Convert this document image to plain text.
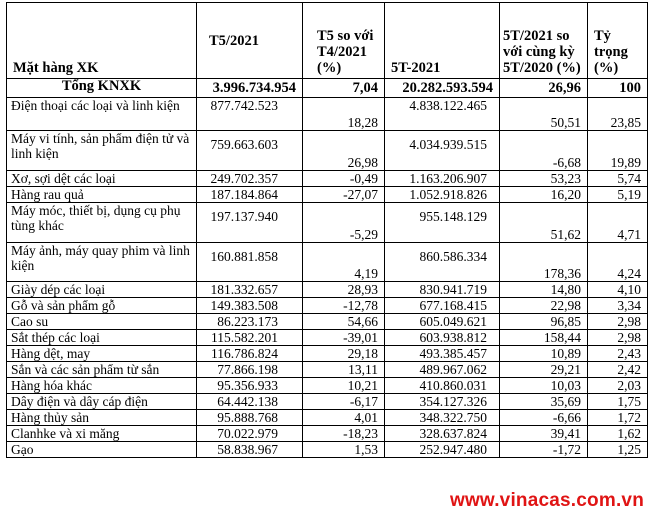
Mặt hàng XK	T5/2021	T5 so với T4/2021 (%)	5T-2021	5T/2021 so với cùng kỳ 5T/2020 (%)	Tỷ trọng (%)
Tổng KNXK	3.996.734.954	7,04	20.282.593.594	26,96	100
Điện thoại các loại và linh kiện	877.742.523	18,28	4.838.122.465	50,51	23,85
Máy vi tính, sản phẩm điện tử và linh kiện	759.663.603	26,98	4.034.939.515	-6,68	19,89
Xơ, sợi dệt các loại	249.702.357	-0,49	1.163.206.907	53,23	5,74
Hàng rau quả	187.184.864	-27,07	1.052.918.826	16,20	5,19
Máy móc, thiết bị, dụng cụ phụ tùng khác	197.137.940	-5,29	955.148.129	51,62	4,71
Máy ảnh, máy quay phim và linh kiện	160.881.858	4,19	860.586.334	178,36	4,24
Giày dép các loại	181.332.657	28,93	830.941.719	14,80	4,10
Gỗ và sản phẩm gỗ	149.383.508	-12,78	677.168.415	22,98	3,34
Cao su	86.223.173	54,66	605.049.621	96,85	2,98
Sắt thép các loại	115.582.201	-39,01	603.938.812	158,44	2,98
Hàng dệt, may	116.786.824	29,18	493.385.457	10,89	2,43
Sắn và các sản phẩm từ sắn	77.866.198	13,11	489.967.062	29,21	2,42
Hàng hóa khác	95.356.933	10,21	410.860.031	10,03	2,03
Dây điện và dây cáp điện	64.442.138	-6,17	354.127.326	35,69	1,75
Hàng thủy sản	95.888.768	4,01	348.322.750	-6,66	1,72
Clanhke và xi măng	70.022.979	-18,23	328.637.824	39,41	1,62
Gạo	58.838.967	1,53	252.947.480	-1,72	1,25
www.vinacas.com.vn
